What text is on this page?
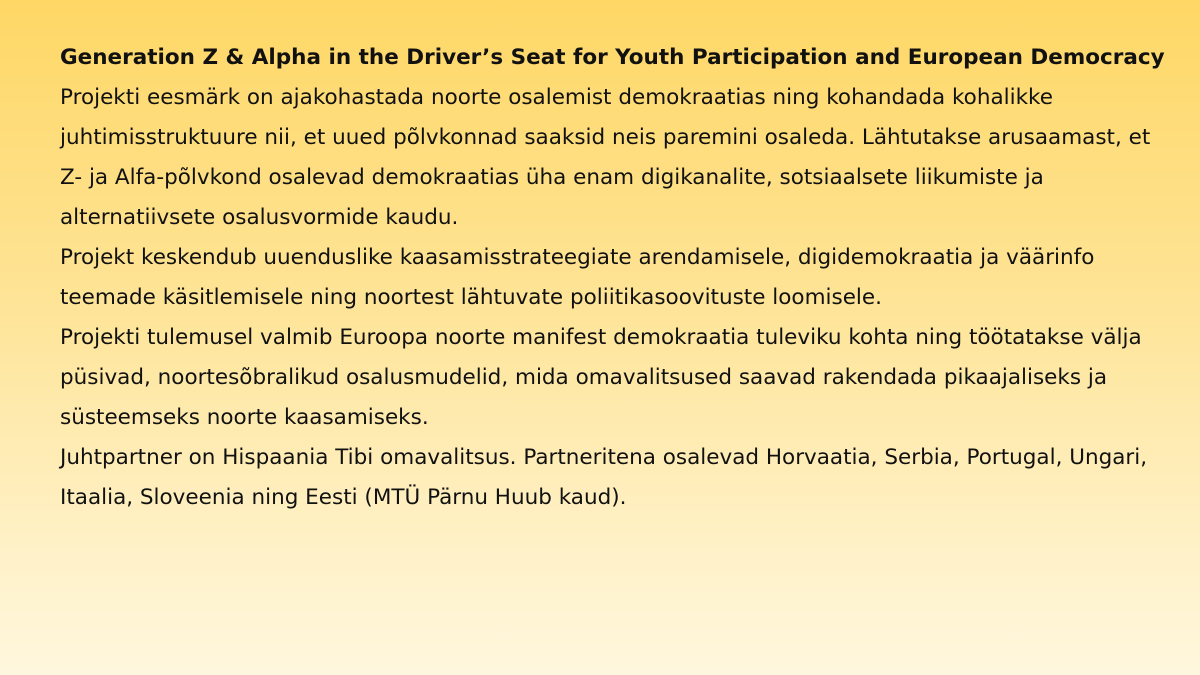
Generation Z & Alpha in the Driver’s Seat for Youth Participation and European Democracy

Projekti eesmärk on ajakohastada noorte osalemist demokraatias ning kohandada kohalikke juhtimisstruktuure nii, et uued põlvkonnad saaksid neis paremini osaleda. Lähtutakse arusaamast, et Z- ja Alfa-põlvkond osalevad demokraatias üha enam digikanalite, sotsiaalsete liikumiste ja alternatiivsete osalusvormide kaudu.

Projekt keskendub uuenduslike kaasamisstrateegiate arendamisele, digidemokraatia ja väärinfo teemade käsitlemisele ning noortest lähtuvate poliitikasoovituste loomisele.

Projekti tulemusel valmib Euroopa noorte manifest demokraatia tuleviku kohta ning töötatakse välja püsivad, noortesõbralikud osalusmudelid, mida omavalitsused saavad rakendada pikaajaliseks ja süsteemseks noorte kaasamiseks.

Juhtpartner on Hispaania Tibi omavalitsus. Partneritena osalevad Horvaatia, Serbia, Portugal, Ungari, Itaalia, Sloveenia ning Eesti (MTÜ Pärnu Huub kaud).
